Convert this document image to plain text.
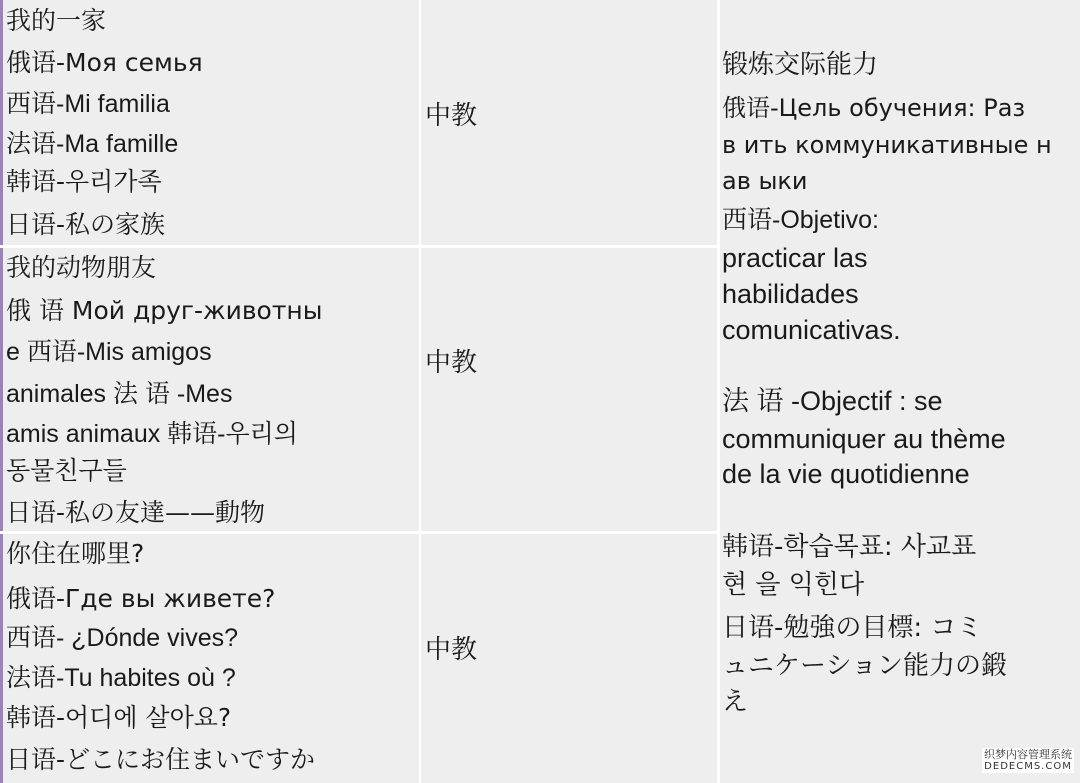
我的一家
俄语-Моя семья
西语-Mi familia
法语-Ma famille
韩语-우리가족
日语-私の家族
中教
我的动物朋友
俄 语 Мой друг-животны
е 西语-Mis amigos
animales 法 语 -Mes
amis animaux 韩语-우리의
동물친구들
日语-私の友達——動物
中教
你住在哪里?
俄语-Где вы живете?
西语- ¿Dónde vives?
法语-Tu habites où ?
韩语-어디에 살아요?
日语-どこにお住まいですか
中教
锻炼交际能力
俄语-Цель обучения: Раз
в ить коммуникативные н
ав ыки
西语-Objetivo:
practicar las
habilidades
comunicativas.
法 语 -Objectif : se
communiquer au thème
de la vie quotidienne
韩语-학습목표: 사교표
현 을 익힌다
日语-勉強の目標: コミ
ュニケーション能力の鍛
え
织梦内容管理系统
DEDECMS.COM
